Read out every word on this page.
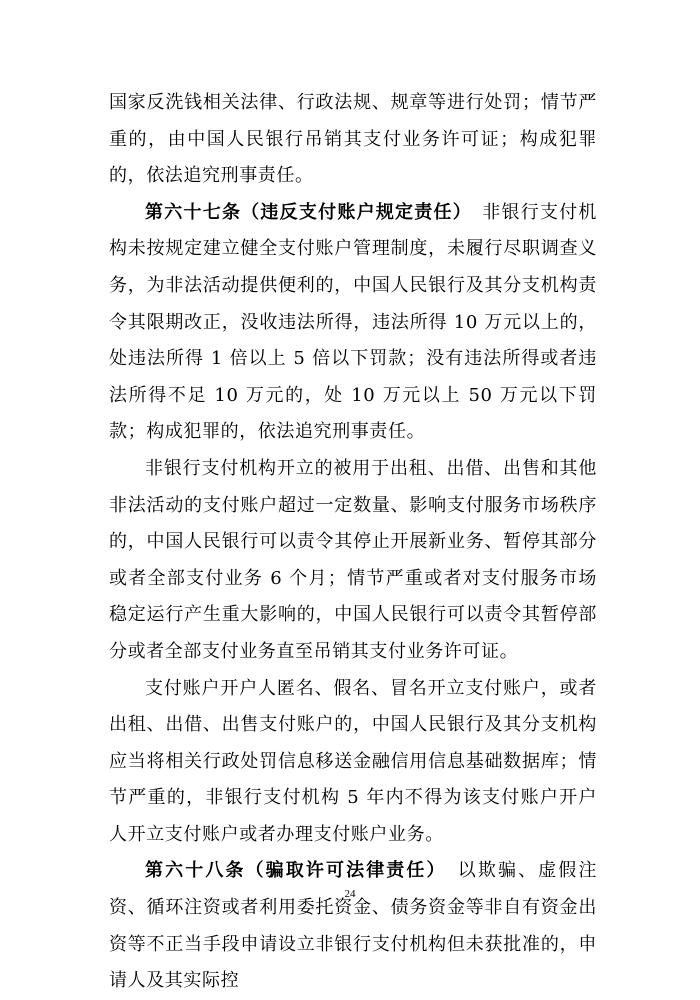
国家反洗钱相关法律、行政法规、规章等进行处罚；情节严重的，由中国人民银行吊销其支付业务许可证；构成犯罪的，依法追究刑事责任。

第六十七条（违反支付账户规定责任）　非银行支付机构未按规定建立健全支付账户管理制度，未履行尽职调查义务，为非法活动提供便利的，中国人民银行及其分支机构责令其限期改正，没收违法所得，违法所得 10 万元以上的，处违法所得 1 倍以上 5 倍以下罚款；没有违法所得或者违法所得不足 10 万元的，处 10 万元以上 50 万元以下罚款；构成犯罪的，依法追究刑事责任。

非银行支付机构开立的被用于出租、出借、出售和其他非法活动的支付账户超过一定数量、影响支付服务市场秩序的，中国人民银行可以责令其停止开展新业务、暂停其部分或者全部支付业务 6 个月；情节严重或者对支付服务市场稳定运行产生重大影响的，中国人民银行可以责令其暂停部分或者全部支付业务直至吊销其支付业务许可证。

支付账户开户人匿名、假名、冒名开立支付账户，或者出租、出借、出售支付账户的，中国人民银行及其分支机构应当将相关行政处罚信息移送金融信用信息基础数据库；情节严重的，非银行支付机构 5 年内不得为该支付账户开户人开立支付账户或者办理支付账户业务。

第六十八条（骗取许可法律责任）　以欺骗、虚假注资、循环注资或者利用委托资金、债务资金等非自有资金出资等不正当手段申请设立非银行支付机构但未获批准的，申请人及其实际控

24
